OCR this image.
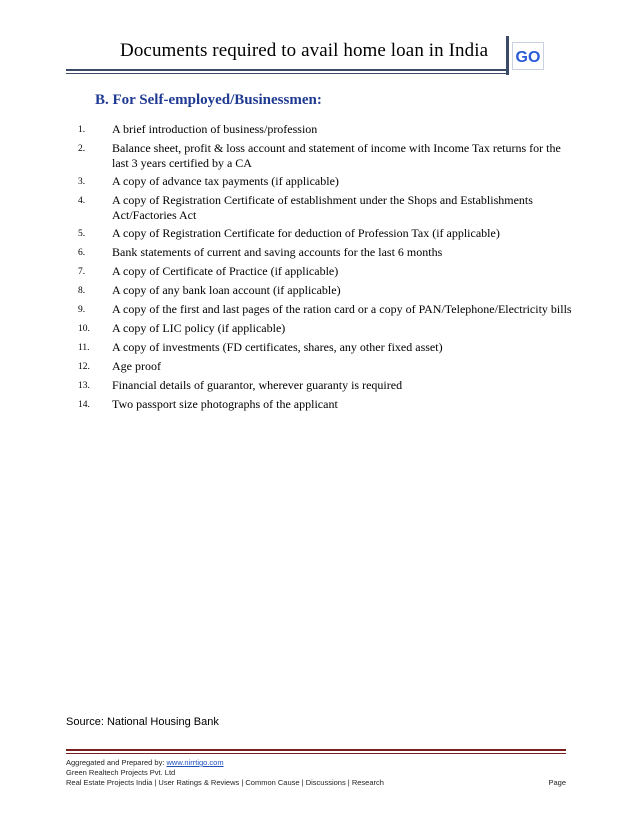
Documents required to avail home loan in India GO
B. For Self-employed/Businessmen:
1.	A brief introduction of business/profession
2.	Balance sheet, profit & loss account and statement of income with Income Tax returns for the last 3 years certified by a CA
3.	A copy of advance tax payments (if applicable)
4.	A copy of Registration Certificate of establishment under the Shops and Establishments Act/Factories Act
5.	A copy of Registration Certificate for deduction of Profession Tax (if applicable)
6.	Bank statements of current and saving accounts for the last 6 months
7.	A copy of Certificate of Practice (if applicable)
8.	A copy of any bank loan account (if applicable)
9.	A copy of the first and last pages of the ration card or a copy of PAN/Telephone/Electricity bills
10.	A copy of LIC policy (if applicable)
11.	A copy of investments (FD certificates, shares, any other fixed asset)
12.	Age proof
13.	Financial details of guarantor, wherever guaranty is required
14.	Two passport size photographs of the applicant
Source: National Housing Bank
Aggregated and Prepared by: www.nirrtigo.com
Green Realtech Projects Pvt. Ltd
Real Estate Projects India | User Ratings & Reviews | Common Cause | Discussions | Research	Page
